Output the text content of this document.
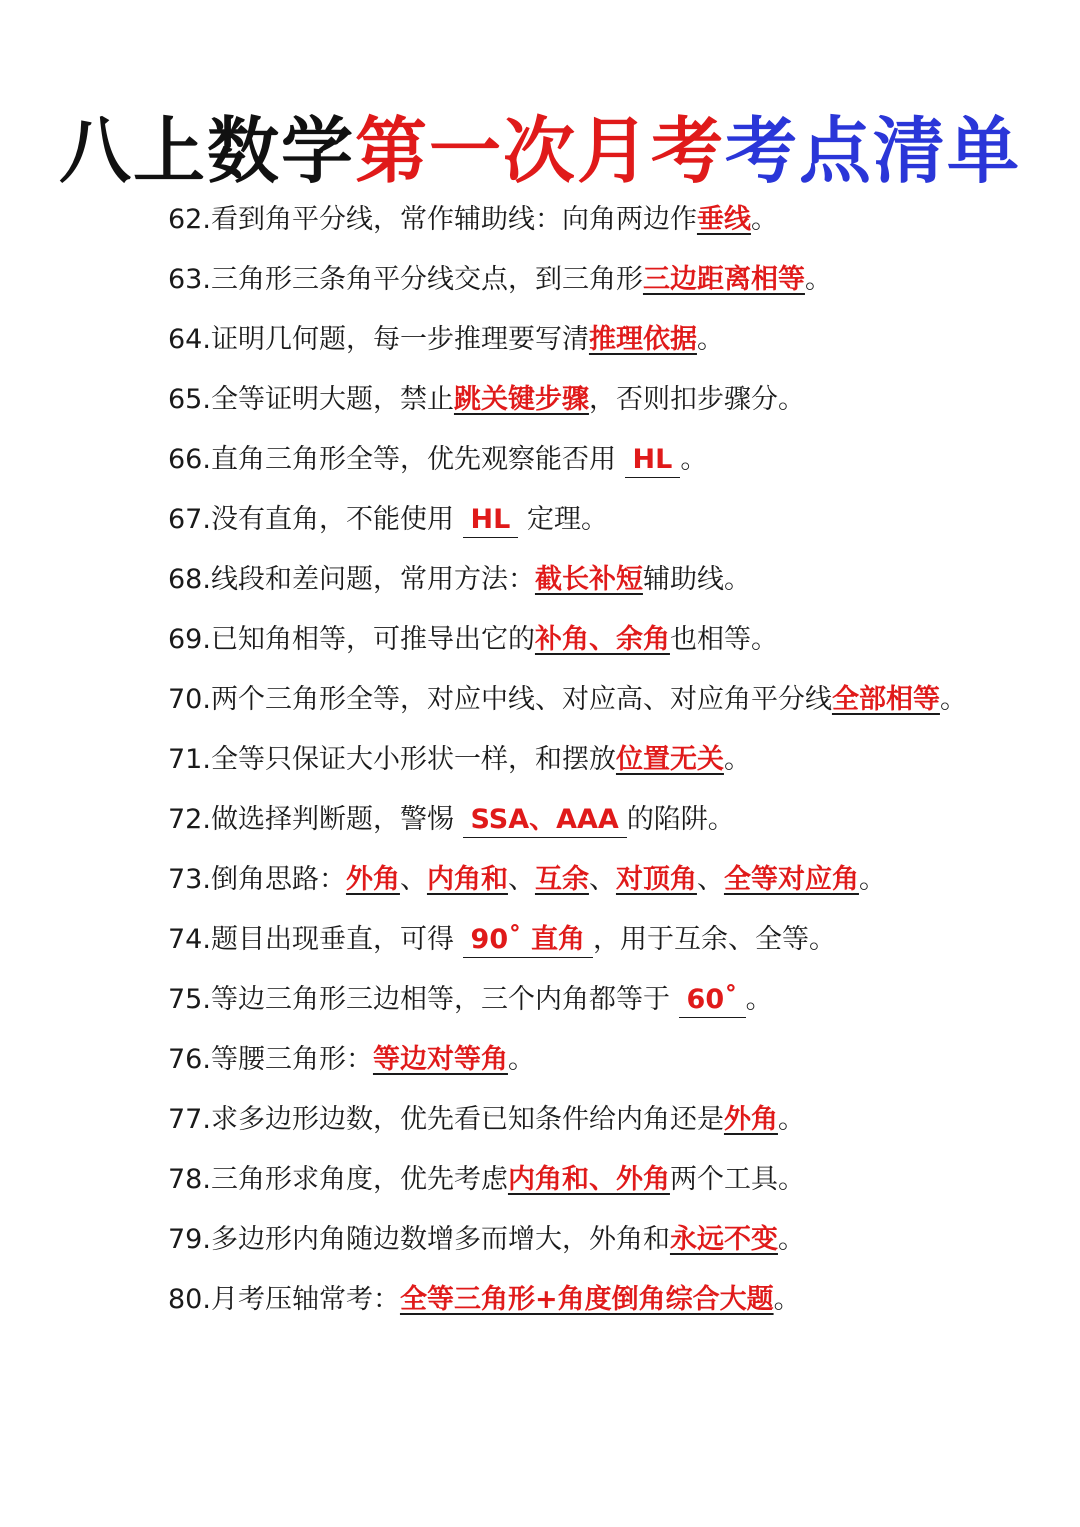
八上数学第一次月考考点清单
62.看到角平分线，常作辅助线：向角两边作垂线。
63.三角形三条角平分线交点，到三角形三边距离相等。
64.证明几何题，每一步推理要写清推理依据。
65.全等证明大题，禁止跳关键步骤，否则扣步骤分。
66.直角三角形全等，优先观察能否用 HL 。
67.没有直角，不能使用 HL 定理。
68.线段和差问题，常用方法：截长补短辅助线。
69.已知角相等，可推导出它的补角、余角也相等。
70.两个三角形全等，对应中线、对应高、对应角平分线全部相等。
71.全等只保证大小形状一样，和摆放位置无关。
72.做选择判断题，警惕 SSA、AAA 的陷阱。
73.倒角思路：外角、内角和、互余、对顶角、全等对应角。
74.题目出现垂直，可得 90˚ 直角 ，用于互余、全等。
75.等边三角形三边相等，三个内角都等于 60˚ 。
76.等腰三角形：等边对等角。
77.求多边形边数，优先看已知条件给内角还是外角。
78.三角形求角度，优先考虑内角和、外角两个工具。
79.多边形内角随边数增多而增大，外角和永远不变。
80.月考压轴常考：全等三角形+角度倒角综合大题。
